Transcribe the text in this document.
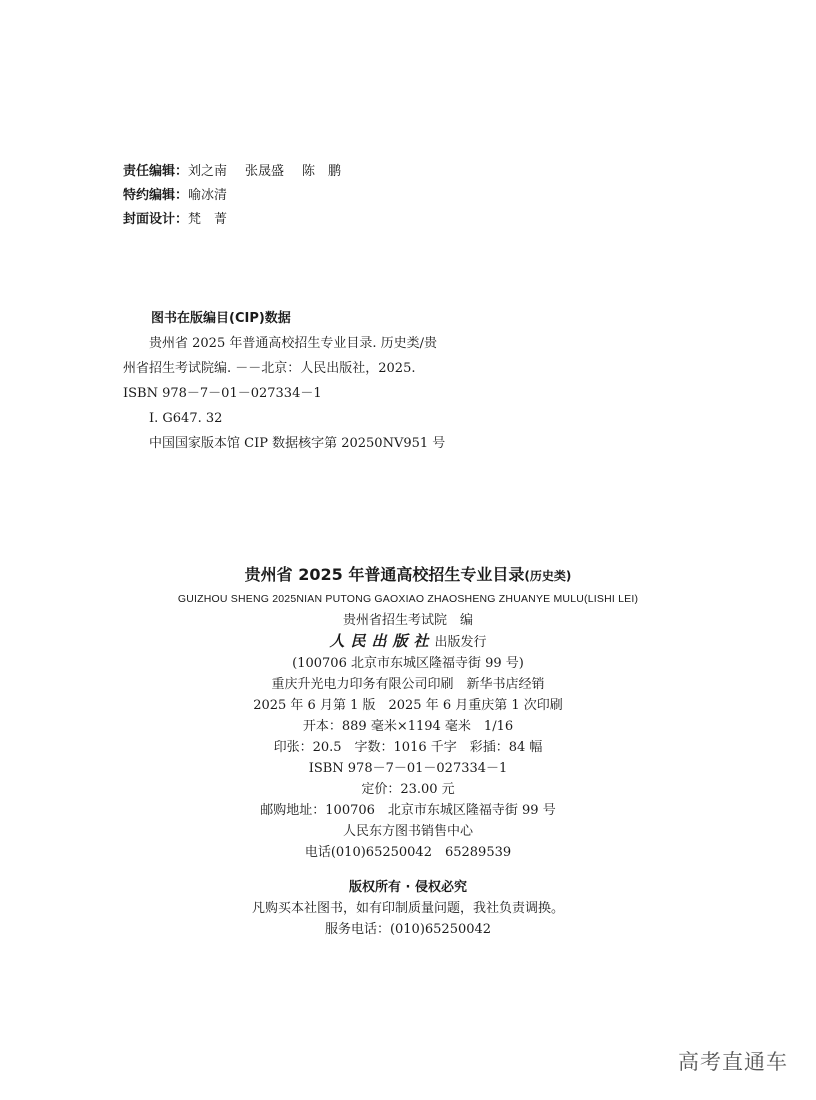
责任编辑：刘之南 张晟盛 陈　鹏
特约编辑：喻冰清
封面设计：梵　菁
图书在版编目(CIP)数据
贵州省 2025 年普通高校招生专业目录. 历史类/贵
州省招生考试院编. －－北京：人民出版社，2025.
ISBN 978－7－01－027334－1
Ⅰ. G647. 32
中国国家版本馆 CIP 数据核字第 20250NV951 号
贵州省 2025 年普通高校招生专业目录(历史类)
GUIZHOU SHENG 2025NIAN PUTONG GAOXIAO ZHAOSHENG ZHUANYE MULU(LISHI LEI)
贵州省招生考试院　编
人民出版社出版发行
(100706 北京市东城区隆福寺街 99 号)
重庆升光电力印务有限公司印刷　新华书店经销
2025 年 6 月第 1 版　2025 年 6 月重庆第 1 次印刷
开本：889 毫米×1194 毫米　1/16
印张：20.5　字数：1016 千字　彩插：84 幅
ISBN 978－7－01－027334－1
定价：23.00 元
邮购地址：100706　北京市东城区隆福寺街 99 号
人民东方图书销售中心
电话(010)65250042　65289539
版权所有 · 侵权必究
凡购买本社图书，如有印制质量问题，我社负责调换。
服务电话：(010)65250042
高考直通车
